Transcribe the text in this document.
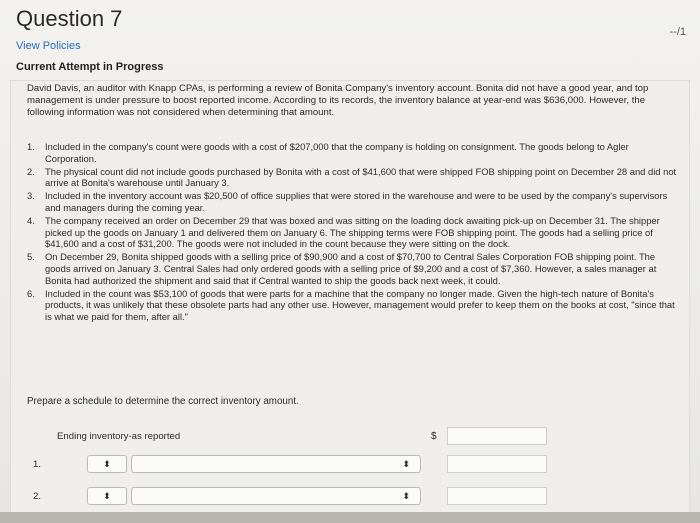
Question 7
--/1
View Policies
Current Attempt in Progress
David Davis, an auditor with Knapp CPAs, is performing a review of Bonita Company's inventory account. Bonita did not have a good year, and top management is under pressure to boost reported income. According to its records, the inventory balance at year-end was $636,000. However, the following information was not considered when determining that amount.
1. Included in the company's count were goods with a cost of $207,000 that the company is holding on consignment. The goods belong to Agler Corporation.
2. The physical count did not include goods purchased by Bonita with a cost of $41,600 that were shipped FOB shipping point on December 28 and did not arrive at Bonita's warehouse until January 3.
3. Included in the inventory account was $20,500 of office supplies that were stored in the warehouse and were to be used by the company's supervisors and managers during the coming year.
4. The company received an order on December 29 that was boxed and was sitting on the loading dock awaiting pick-up on December 31. The shipper picked up the goods on January 1 and delivered them on January 6. The shipping terms were FOB shipping point. The goods had a selling price of $41,600 and a cost of $31,200. The goods were not included in the count because they were sitting on the dock.
5. On December 29, Bonita shipped goods with a selling price of $90,900 and a cost of $70,700 to Central Sales Corporation FOB shipping point. The goods arrived on January 3. Central Sales had only ordered goods with a selling price of $9,200 and a cost of $7,360. However, a sales manager at Bonita had authorized the shipment and said that if Central wanted to ship the goods back next week, it could.
6. Included in the count was $53,100 of goods that were parts for a machine that the company no longer made. Given the high-tech nature of Bonita's products, it was unlikely that these obsolete parts had any other use. However, management would prefer to keep them on the books at cost, "since that is what we paid for them, after all."
Prepare a schedule to determine the correct inventory amount.
Ending inventory-as reported	$
1.	⬍	⬍
2.	⬍	⬍
